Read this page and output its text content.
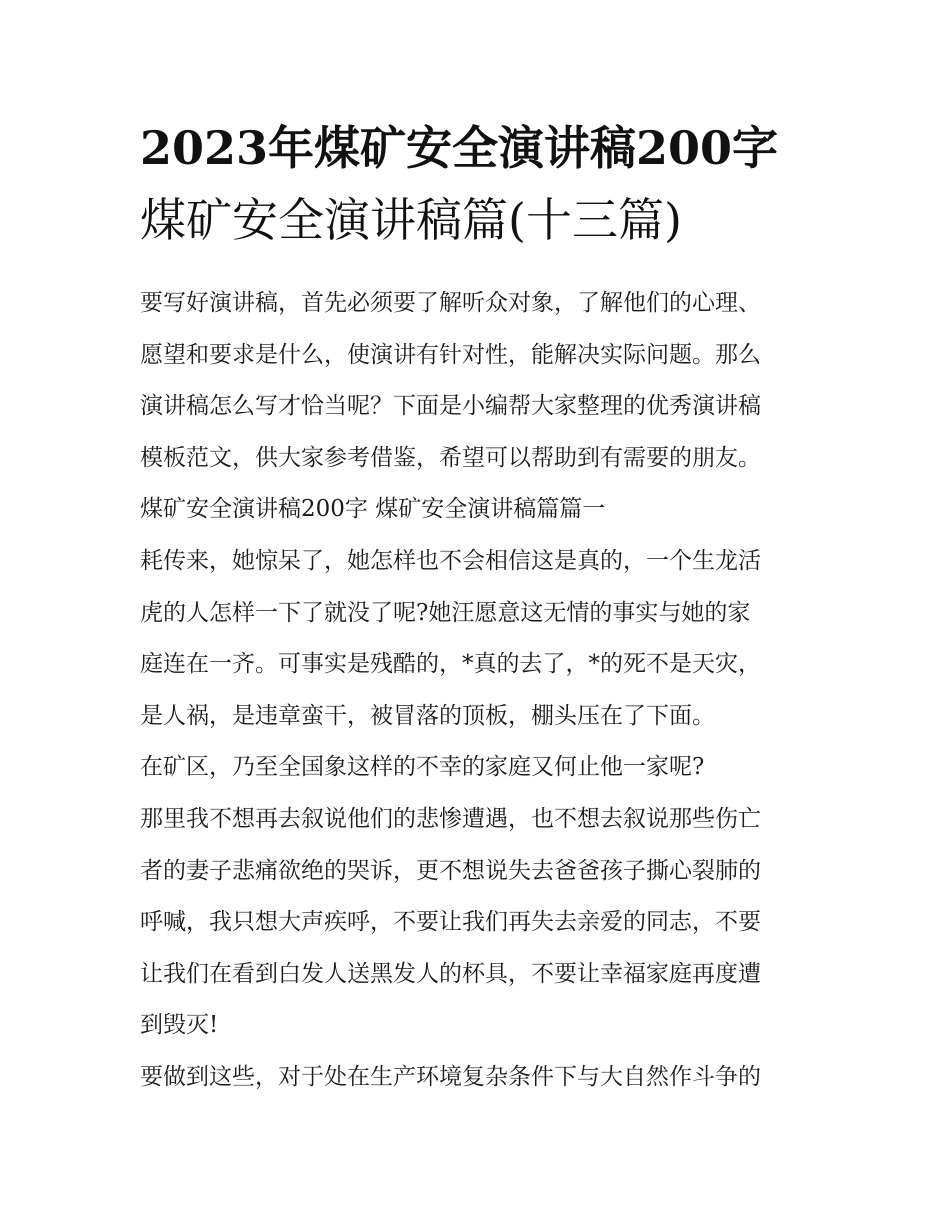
2023年煤矿安全演讲稿200字
煤矿安全演讲稿篇(十三篇)
要写好演讲稿，首先必须要了解听众对象，了解他们的心理、
愿望和要求是什么，使演讲有针对性，能解决实际问题。那么
演讲稿怎么写才恰当呢？下面是小编帮大家整理的优秀演讲稿
模板范文，供大家参考借鉴，希望可以帮助到有需要的朋友。
煤矿安全演讲稿200字 煤矿安全演讲稿篇篇一
耗传来，她惊呆了，她怎样也不会相信这是真的，一个生龙活
虎的人怎样一下了就没了呢?她汪愿意这无情的事实与她的家
庭连在一齐。可事实是残酷的，*真的去了，*的死不是天灾，
是人祸，是违章蛮干，被冒落的顶板，棚头压在了下面。
在矿区，乃至全国象这样的不幸的家庭又何止他一家呢?
那里我不想再去叙说他们的悲惨遭遇，也不想去叙说那些伤亡
者的妻子悲痛欲绝的哭诉，更不想说失去爸爸孩子撕心裂肺的
呼喊，我只想大声疾呼，不要让我们再失去亲爱的同志，不要
让我们在看到白发人送黑发人的杯具，不要让幸福家庭再度遭
到毁灭!
要做到这些，对于处在生产环境复杂条件下与大自然作斗争的
